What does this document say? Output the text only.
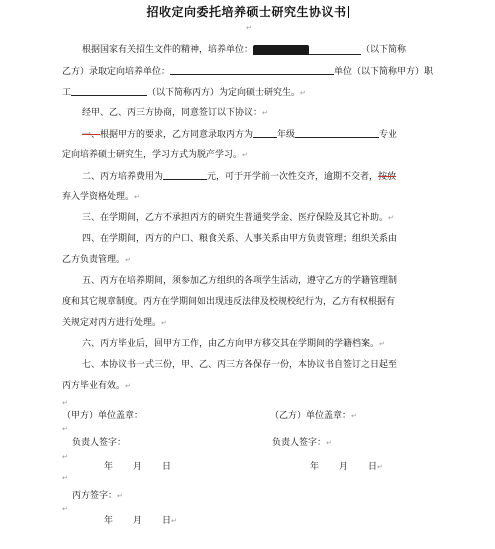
招收定向委托培养硕士研究生协议书
↵
根据国家有关招生文件的精神，培养单位：	（以下简称
乙方）录取定向培养单位：	单位（以下简称甲方）职
工	（以下简称丙方）为定向硕士研究生。↵
经甲、乙、丙三方协商，同意签订以下协议：↵
一、根据甲方的要求，乙方同意录取丙方为	年级	专业
定向培养硕士研究生，学习方式为脱产学习。↵
二、丙方培养费用为	元，可于开学前一次性交齐，逾期不交者，按放
弃入学资格处理。↵
三、在学期间，乙方不承担丙方的研究生普通奖学金、医疗保险及其它补助。↵
四、在学期间，丙方的户口、粮食关系、人事关系由甲方负责管理；组织关系由
乙方负责管理。↵
五、丙方在培养期间，须参加乙方组织的各项学生活动，遵守乙方的学籍管理制
度和其它规章制度。丙方在学期间如出现违反法律及校规校纪行为，乙方有权根据有
关规定对丙方进行处理。↵
六、丙方毕业后，回甲方工作，由乙方向甲方移交其在学期间的学籍档案。↵
七、本协议书一式三份，甲、乙、丙三方各保存一份，本协议书自签订之日起至
丙方毕业有效。↵
↵
（甲方）单位盖章：	（乙方）单位盖章：↵
↵
负责人签字：	负责人签字：↵
↵
年 月 日	年 月 日↵
↵
丙方签字：↵
↵
年 月 日↵
